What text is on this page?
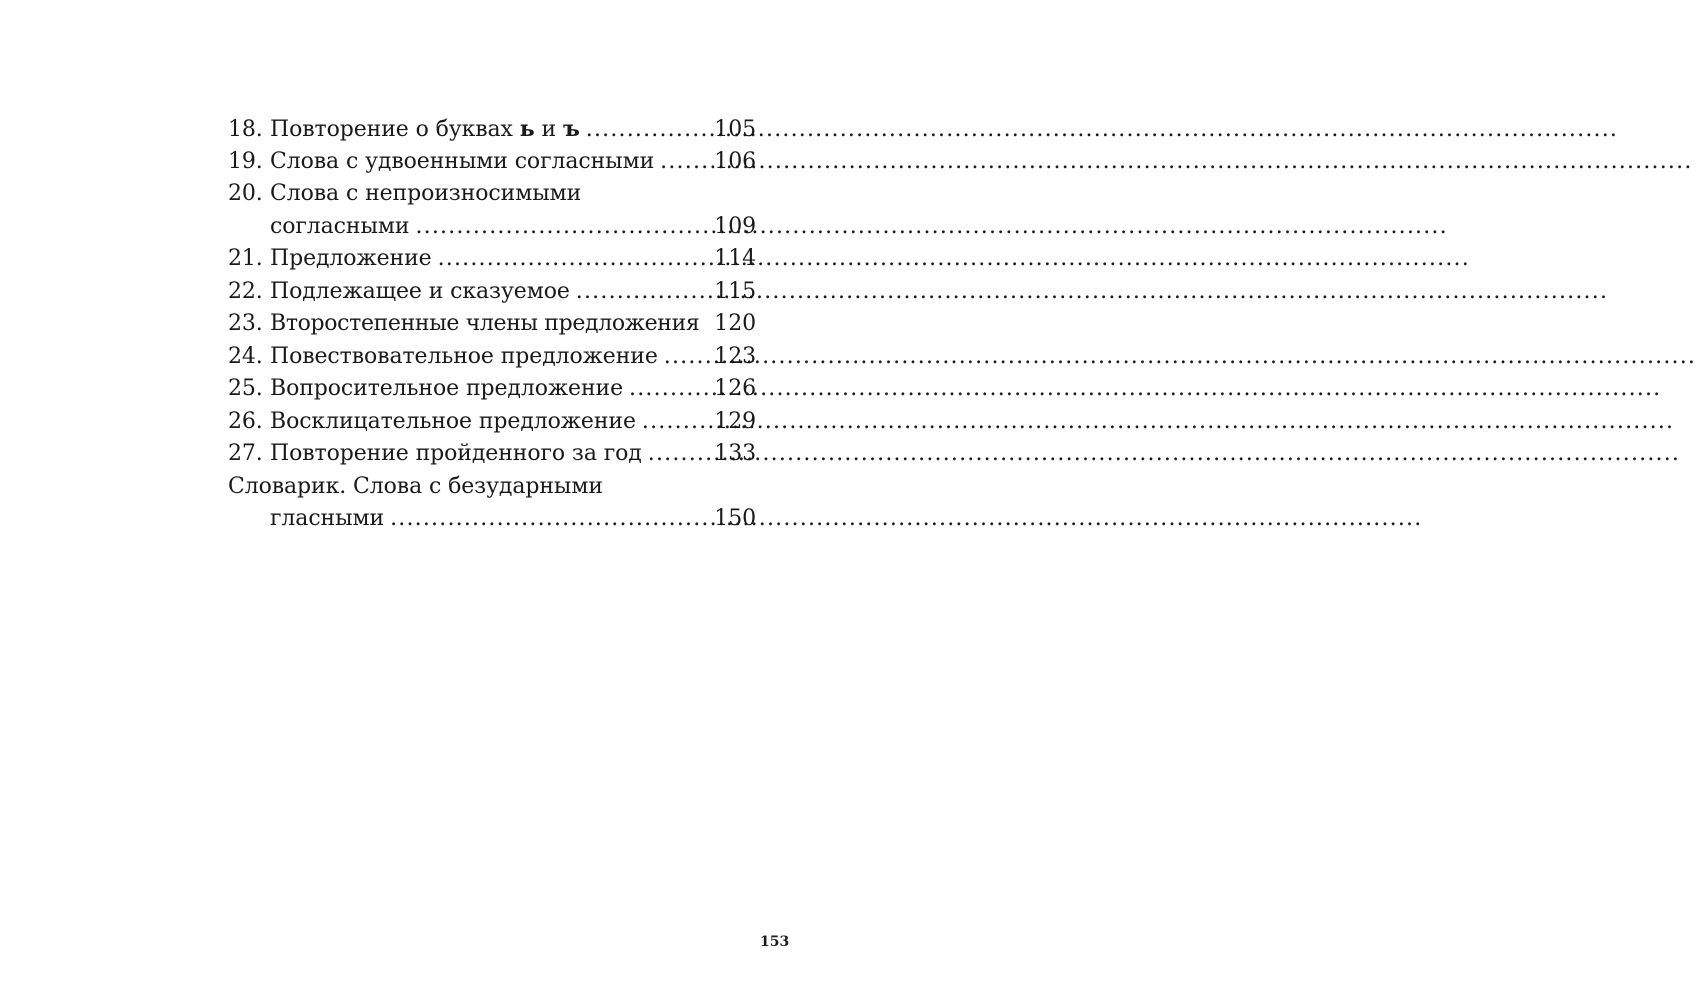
18. Повторение о буквах ь и ъ .....	105
19. Слова с удвоенными согласными .....	106
20. Слова с непроизносимыми
согласными .....	109
21. Предложение .....	114
22. Подлежащее и сказуемое .....	115
23. Второстепенные члены предложения 120
24. Повествовательное предложение .....	123
25. Вопросительное предложение .....	126
26. Восклицательное предложение .....	129
27. Повторение пройденного за год .....	133
Словарик. Слова с безударными
гласными .....	150
153
